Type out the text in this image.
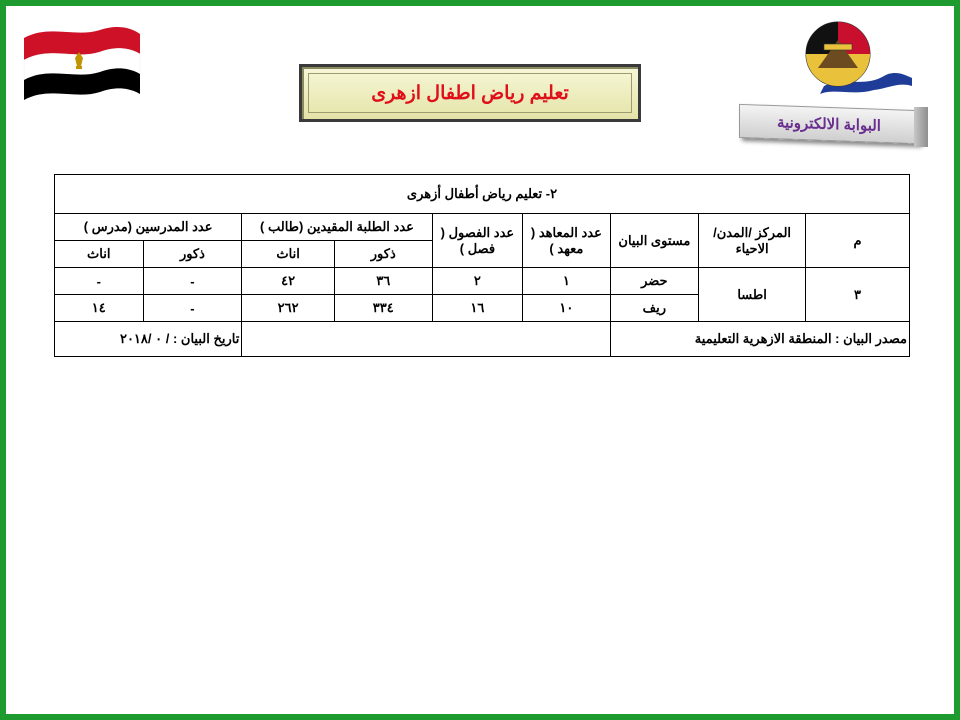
تعليم رياض اطفال ازهرى
البوابة الالكترونية
٢- تعليم رياض أطفال أزهرى								
م	المركز /المدن/الاحياء	مستوى البيان	عدد المعاهد ( معهد )	عدد الفصول ( فصل )	عدد الطلبة المقيدين (طالب )		عدد المدرسين (مدرس )	
					ذكور	اناث	ذكور	اناث
٣	اطسا	حضر	١	٢	٣٦	٤٢	-	-
		ريف	١٠	١٦	٣٣٤	٢٦٢	-	١٤
مصدر البيان : المنطقة الازهرية التعليمية							تاريخ البيان : / ٠ /٢٠١٨	
